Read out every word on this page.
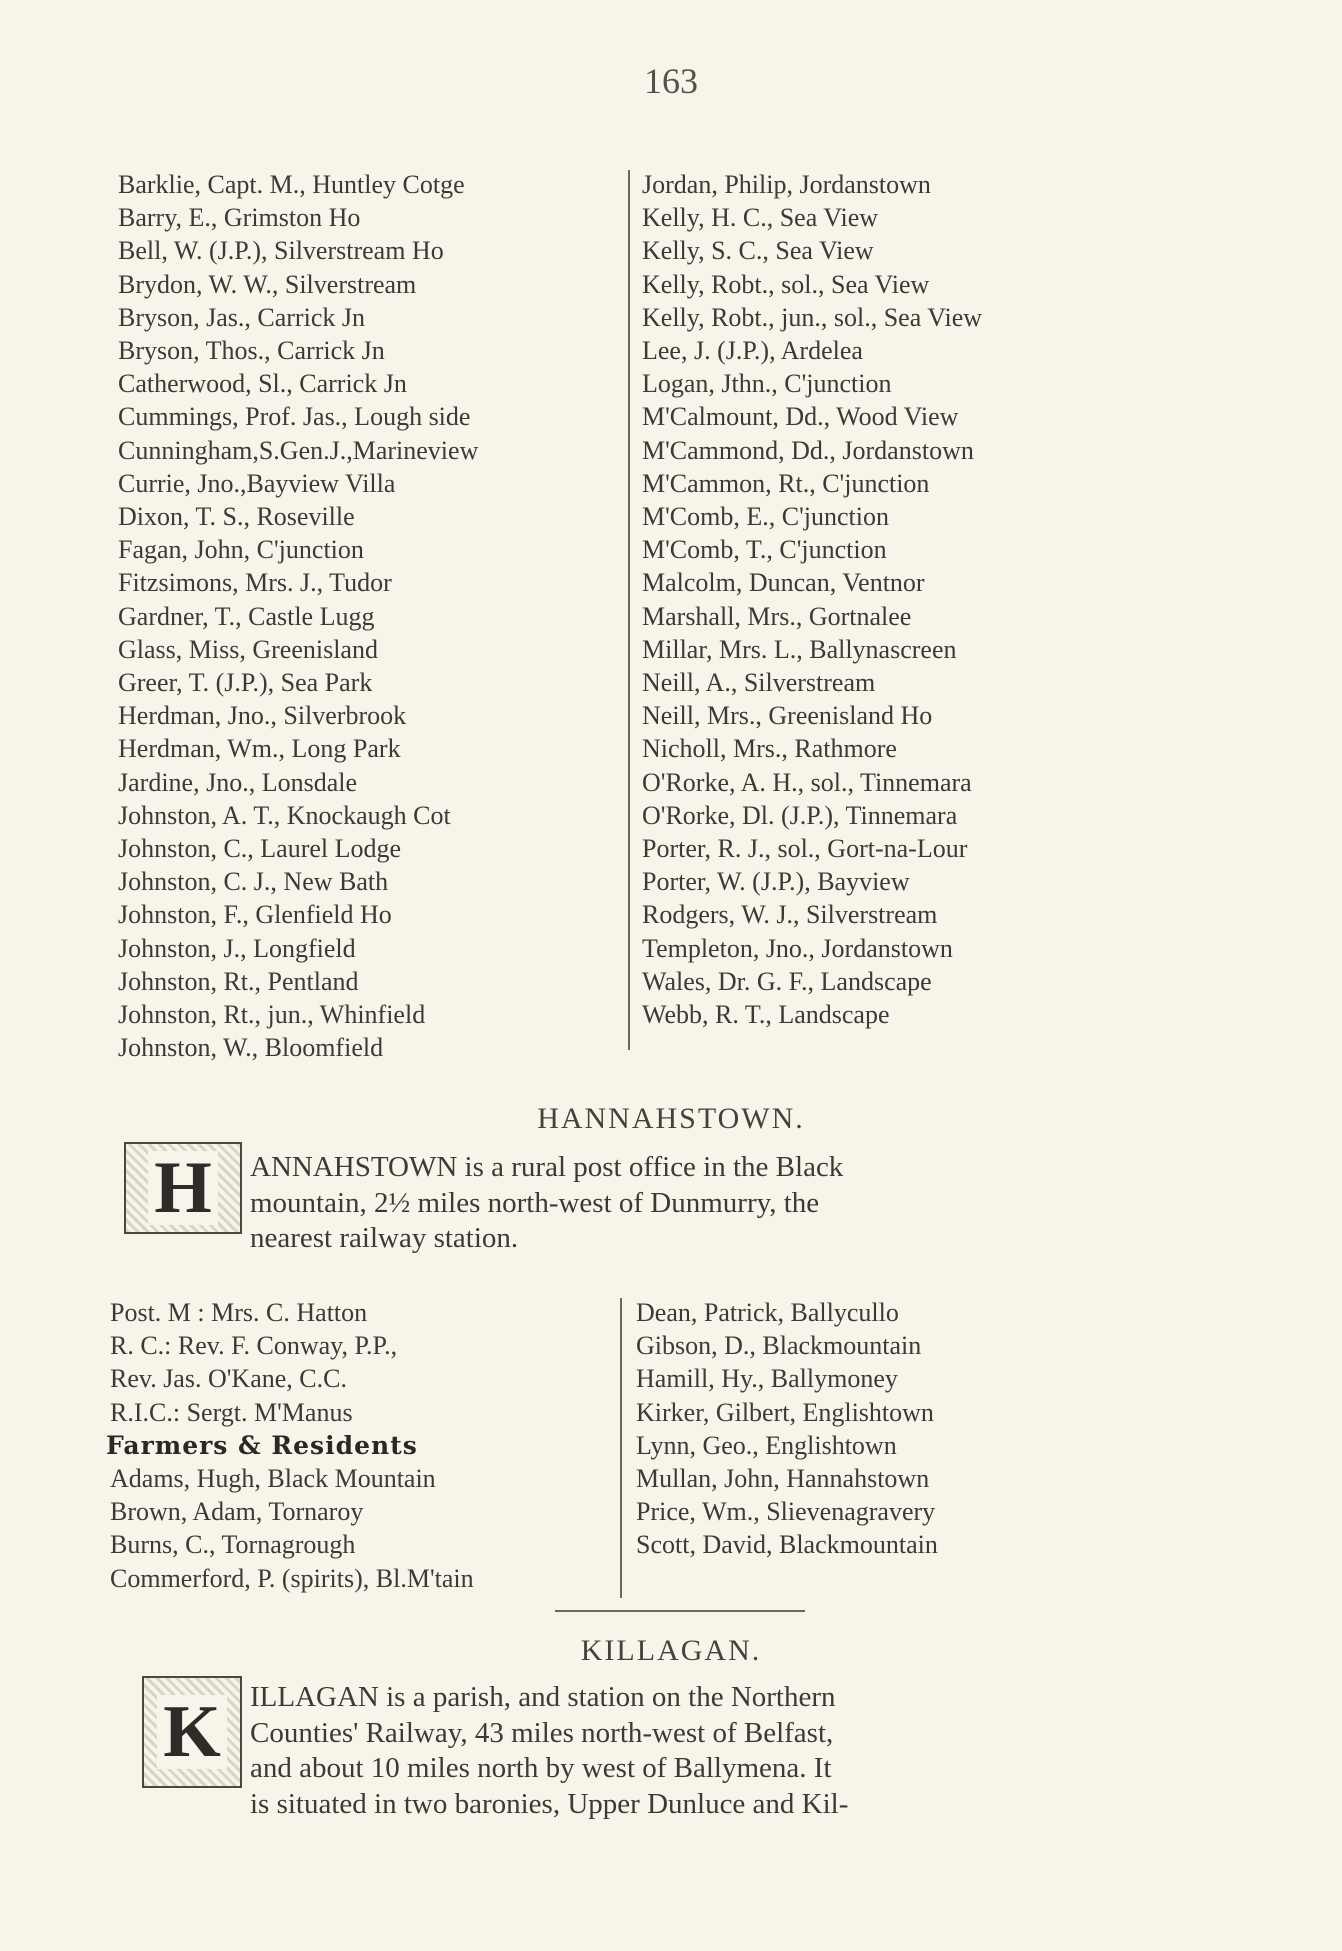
163
Barklie, Capt. M., Huntley Cotge
Barry, E., Grimston Ho
Bell, W. (J.P.), Silverstream Ho
Brydon, W. W., Silverstream
Bryson, Jas., Carrick Jn
Bryson, Thos., Carrick Jn
Catherwood, Sl., Carrick Jn
Cummings, Prof. Jas., Lough side
Cunningham,S.Gen.J.,Marineview
Currie, Jno.,Bayview Villa
Dixon, T. S., Roseville
Fagan, John, C'junction
Fitzsimons, Mrs. J., Tudor
Gardner, T., Castle Lugg
Glass, Miss, Greenisland
Greer, T. (J.P.), Sea Park
Herdman, Jno., Silverbrook
Herdman, Wm., Long Park
Jardine, Jno., Lonsdale
Johnston, A. T., Knockaugh Cot
Johnston, C., Laurel Lodge
Johnston, C. J., New Bath
Johnston, F., Glenfield Ho
Johnston, J., Longfield
Johnston, Rt., Pentland
Johnston, Rt., jun., Whinfield
Johnston, W., Bloomfield
Jordan, Philip, Jordanstown
Kelly, H. C., Sea View
Kelly, S. C., Sea View
Kelly, Robt., sol., Sea View
Kelly, Robt., jun., sol., Sea View
Lee, J. (J.P.), Ardelea
Logan, Jthn., C'junction
M'Calmount, Dd., Wood View
M'Cammond, Dd., Jordanstown
M'Cammon, Rt., C'junction
M'Comb, E., C'junction
M'Comb, T., C'junction
Malcolm, Duncan, Ventnor
Marshall, Mrs., Gortnalee
Millar, Mrs. L., Ballynascreen
Neill, A., Silverstream
Neill, Mrs., Greenisland Ho
Nicholl, Mrs., Rathmore
O'Rorke, A. H., sol., Tinnemara
O'Rorke, Dl. (J.P.), Tinnemara
Porter, R. J., sol., Gort-na-Lour
Porter, W. (J.P.), Bayview
Rodgers, W. J., Silverstream
Templeton, Jno., Jordanstown
Wales, Dr. G. F., Landscape
Webb, R. T., Landscape
HANNAHSTOWN.
H ANNAHSTOWN is a rural post office in the Black
mountain, 2½ miles north-west of Dunmurry, the
nearest railway station.
Post. M : Mrs. C. Hatton
R. C.: Rev. F. Conway, P.P.,
Rev. Jas. O'Kane, C.C.
R.I.C.: Sergt. M'Manus
Farmers & Residents
Adams, Hugh, Black Mountain
Brown, Adam, Tornaroy
Burns, C., Tornagrough
Commerford, P. (spirits), Bl.M'tain
Dean, Patrick, Ballycullo
Gibson, D., Blackmountain
Hamill, Hy., Ballymoney
Kirker, Gilbert, Englishtown
Lynn, Geo., Englishtown
Mullan, John, Hannahstown
Price, Wm., Slievenagravery
Scott, David, Blackmountain
KILLAGAN.
K ILLAGAN is a parish, and station on the Northern
Counties' Railway, 43 miles north-west of Belfast,
and about 10 miles north by west of Ballymena. It
is situated in two baronies, Upper Dunluce and Kil-
